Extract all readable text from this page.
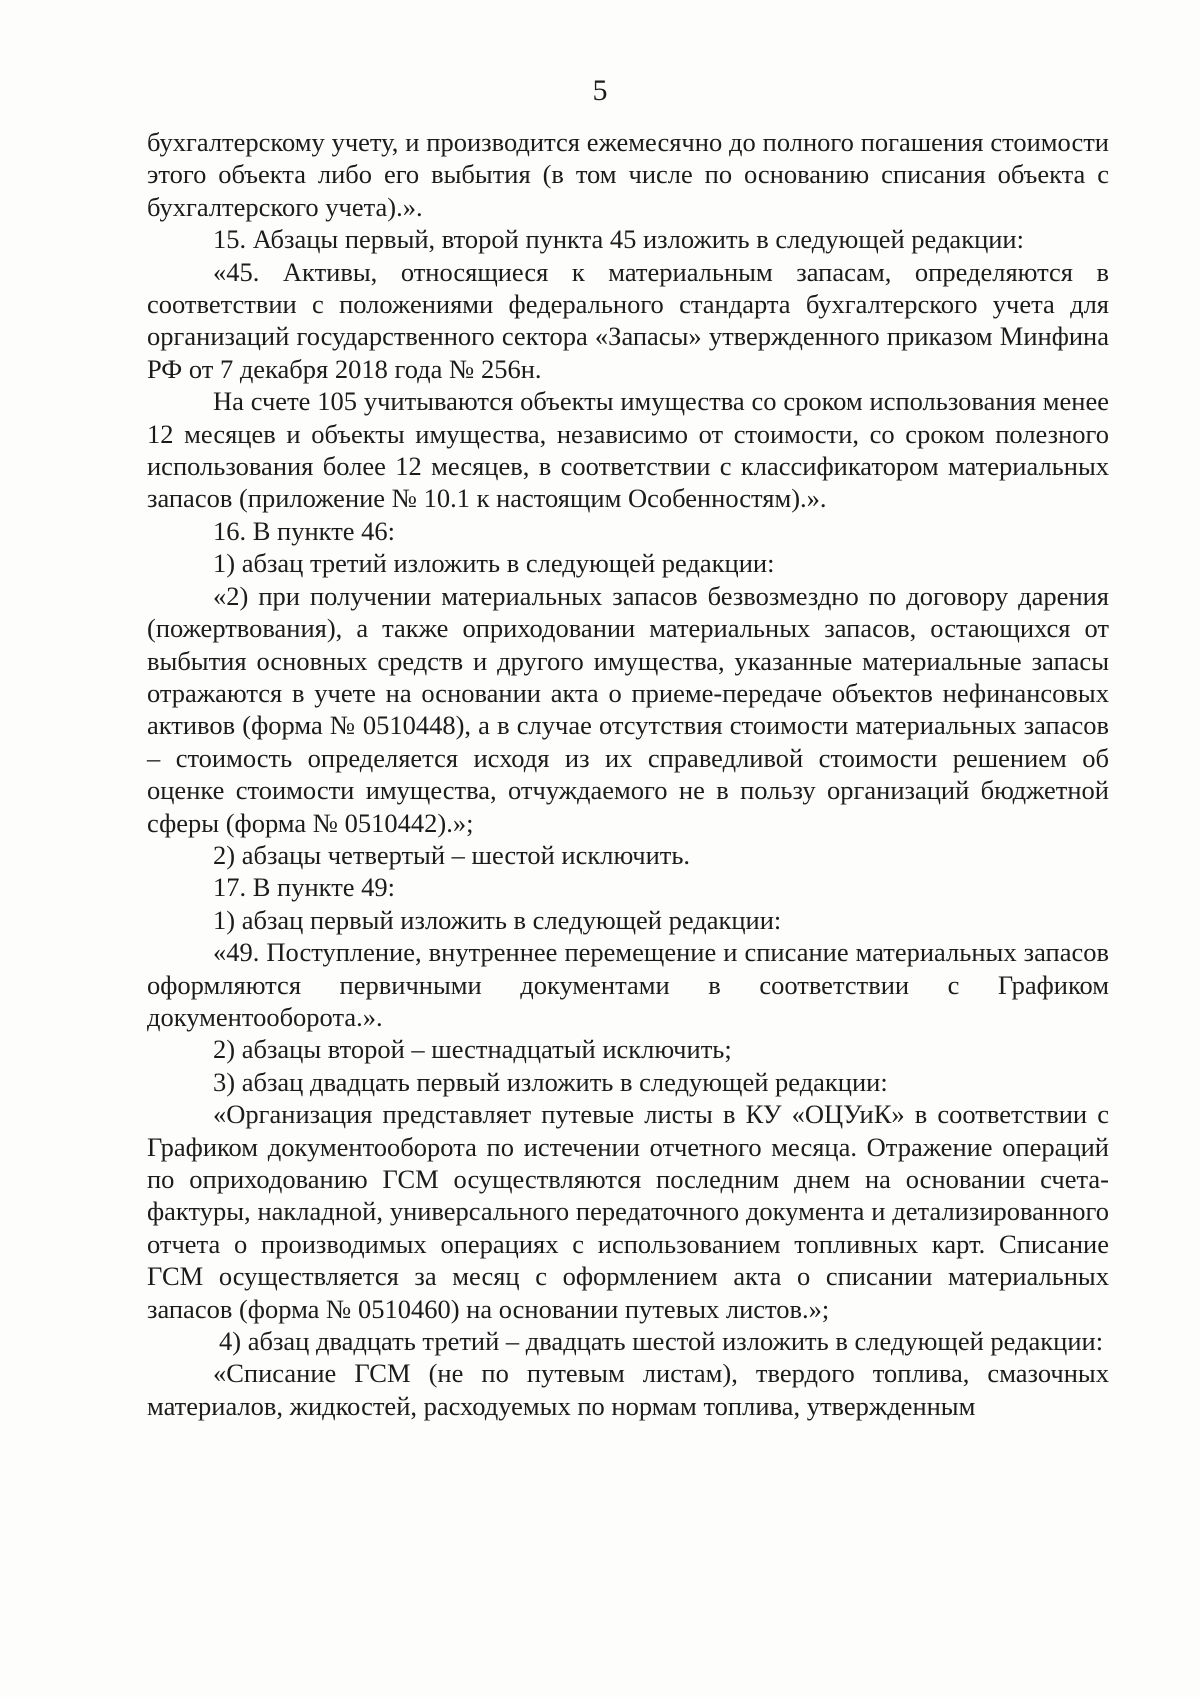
5

бухгалтерскому учету, и производится ежемесячно до полного погашения стоимости этого объекта либо его выбытия (в том числе по основанию списания объекта с бухгалтерского учета).».

15. Абзацы первый, второй пункта 45 изложить в следующей редакции:

«45. Активы, относящиеся к материальным запасам, определяются в соответствии с положениями федерального стандарта бухгалтерского учета для организаций государственного сектора «Запасы» утвержденного приказом Минфина РФ от 7 декабря 2018 года № 256н.

На счете 105 учитываются объекты имущества со сроком использования менее 12 месяцев и объекты имущества, независимо от стоимости, со сроком полезного использования более 12 месяцев, в соответствии с классификатором материальных запасов (приложение № 10.1 к настоящим Особенностям).».

16. В пункте 46:

1) абзац третий изложить в следующей редакции:

«2) при получении материальных запасов безвозмездно по договору дарения (пожертвования), а также оприходовании материальных запасов, остающихся от выбытия основных средств и другого имущества, указанные материальные запасы отражаются в учете на основании акта о приеме-передаче объектов нефинансовых активов (форма № 0510448), а в случае отсутствия стоимости материальных запасов – стоимость определяется исходя из их справедливой стоимости решением об оценке стоимости имущества, отчуждаемого не в пользу организаций бюджетной сферы (форма № 0510442).»;

2) абзацы четвертый – шестой исключить.

17. В пункте 49:

1) абзац первый изложить в следующей редакции:

«49. Поступление, внутреннее перемещение и списание материальных запасов оформляются первичными документами в соответствии с Графиком документооборота.».

2) абзацы второй – шестнадцатый исключить;

3) абзац двадцать первый изложить в следующей редакции:

«Организация представляет путевые листы в КУ «ОЦУиК» в соответствии с Графиком документооборота по истечении отчетного месяца. Отражение операций по оприходованию ГСМ осуществляются последним днем на основании счета-фактуры, накладной, универсального передаточного документа и детализированного отчета о производимых операциях с использованием топливных карт. Списание ГСМ осуществляется за месяц с оформлением акта о списании материальных запасов (форма № 0510460) на основании путевых листов.»;

4) абзац двадцать третий – двадцать шестой изложить в следующей редакции:

«Списание ГСМ (не по путевым листам), твердого топлива, смазочных материалов, жидкостей, расходуемых по нормам топлива, утвержденным
